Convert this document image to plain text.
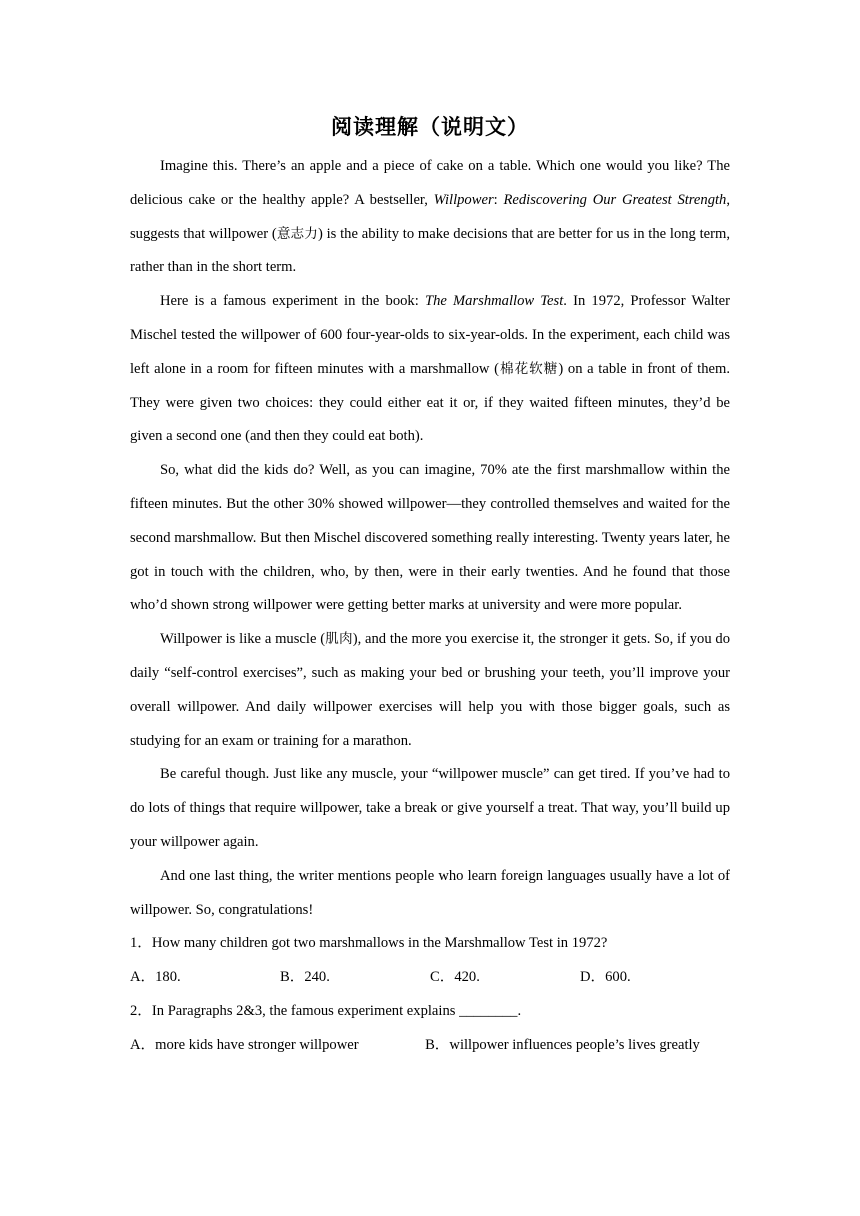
阅读理解（说明文）

Imagine this. There’s an apple and a piece of cake on a table. Which one would you like? The delicious cake or the healthy apple? A bestseller, Willpower: Rediscovering Our Greatest Strength, suggests that willpower (意志力) is the ability to make decisions that are better for us in the long term, rather than in the short term.

Here is a famous experiment in the book: The Marshmallow Test. In 1972, Professor Walter Mischel tested the willpower of 600 four-year-olds to six-year-olds. In the experiment, each child was left alone in a room for fifteen minutes with a marshmallow (棉花软糖) on a table in front of them. They were given two choices: they could either eat it or, if they waited fifteen minutes, they’d be given a second one (and then they could eat both).

So, what did the kids do? Well, as you can imagine, 70% ate the first marshmallow within the fifteen minutes. But the other 30% showed willpower—they controlled themselves and waited for the second marshmallow. But then Mischel discovered something really interesting. Twenty years later, he got in touch with the children, who, by then, were in their early twenties. And he found that those who’d shown strong willpower were getting better marks at university and were more popular.

Willpower is like a muscle (肌肉), and the more you exercise it, the stronger it gets. So, if you do daily “self-control exercises”, such as making your bed or brushing your teeth, you’ll improve your overall willpower. And daily willpower exercises will help you with those bigger goals, such as studying for an exam or training for a marathon.

Be careful though. Just like any muscle, your “willpower muscle” can get tired. If you’ve had to do lots of things that require willpower, take a break or give yourself a treat. That way, you’ll build up your willpower again.

And one last thing, the writer mentions people who learn foreign languages usually have a lot of willpower. So, congratulations!

1．How many children got two marshmallows in the Marshmallow Test in 1972?

A．180.	B．240.	C．420.	D．600.

2．In Paragraphs 2&3, the famous experiment explains ________.

A．more kids have stronger willpower	B．willpower influences people’s lives greatly
